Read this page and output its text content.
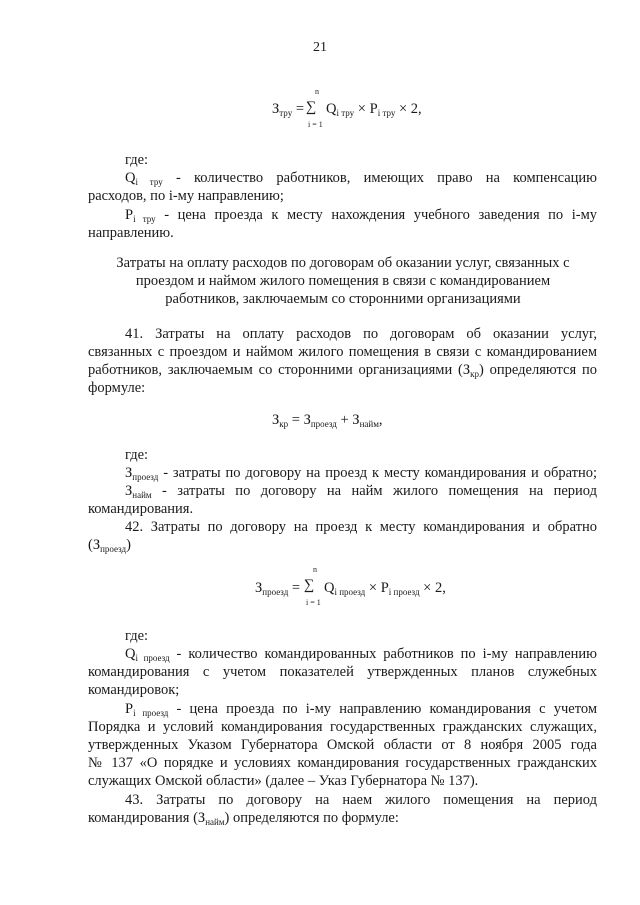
21
$З_{тру}$ =
n
∑
i = 1
$Q_{i тру} \times P_{i тру} \times 2$,
где:
$Q_{i тру}$ - количество работников, имеющих право на компенсацию
расходов, по i-му направлению;
$P_{i тру}$ - цена проезда к месту нахождения учебного заведения по i-му
направлению.
Затраты на оплату расходов по договорам об оказании услуг, связанных с
проездом и наймом жилого помещения в связи с командированием
работников, заключаемым со сторонними организациями
41. Затраты на оплату расходов по договорам об оказании услуг,
связанных с проездом и наймом жилого помещения в связи с командированием
работников, заключаемым со сторонними организациями $(З_{кр})$ определяются по
формуле:
$З_{кр} = З_{проезд} + З_{найм}$,
где:
$З_{проезд}$ - затраты по договору на проезд к месту командирования и обратно;
$З_{найм}$ - затраты по договору на найм жилого помещения на период
командирования.
42. Затраты по договору на проезд к месту командирования и обратно
$(З_{проезд})$
$З_{проезд}$ =
n
∑
i = 1
$Q_{i проезд} \times P_{i проезд} \times 2$,
где:
$Q_{i проезд}$ - количество командированных работников по i-му направлению
командирования с учетом показателей утвержденных планов служебных
командировок;
$P_{i проезд}$ - цена проезда по i-му направлению командирования с учетом
Порядка и условий командирования государственных гражданских служащих,
утвержденных Указом Губернатора Омской области от 8 ноября 2005 года
№ 137 «О порядке и условиях командирования государственных гражданских
служащих Омской области» (далее – Указ Губернатора № 137).
43. Затраты по договору на наем жилого помещения на период
командирования $(З_{найм})$ определяются по формуле:
